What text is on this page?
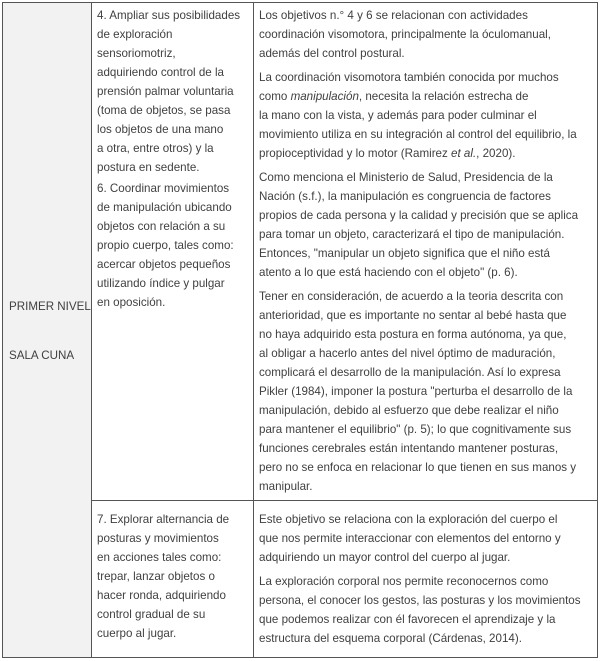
PRIMER NIVEL
SALA CUNA
4. Ampliar sus posibilidades
de exploración
sensoriomotriz,
adquiriendo control de la
prensión palmar voluntaria
(toma de objetos, se pasa
los objetos de una mano
a otra, entre otros) y la
postura en sedente.
6. Coordinar movimientos
de manipulación ubicando
objetos con relación a su
propio cuerpo, tales como:
acercar objetos pequeños
utilizando índice y pulgar
en oposición.
Los objetivos n.° 4 y 6 se relacionan con actividades
coordinación visomotora, principalmente la óculomanual,
además del control postural.
La coordinación visomotora también conocida por muchos
como manipulación, necesita la relación estrecha de
la mano con la vista, y además para poder culminar el
movimiento utiliza en su integración al control del equilibrio, la
propioceptividad y lo motor (Ramirez et al., 2020).
Como menciona el Ministerio de Salud, Presidencia de la
Nación (s.f.), la manipulación es congruencia de factores
propios de cada persona y la calidad y precisión que se aplica
para tomar un objeto, caracterizará el tipo de manipulación.
Entonces, "manipular un objeto significa que el niño está
atento a lo que está haciendo con el objeto" (p. 6).
Tener en consideración, de acuerdo a la teoria descrita con
anterioridad, que es importante no sentar al bebé hasta que
no haya adquirido esta postura en forma autónoma, ya que,
al obligar a hacerlo antes del nivel óptimo de maduración,
complicará el desarrollo de la manipulación. Así lo expresa
Pikler (1984), imponer la postura "perturba el desarrollo de la
manipulación, debido al esfuerzo que debe realizar el niño
para mantener el equilibrio" (p. 5); lo que cognitivamente sus
funciones cerebrales están intentando mantener posturas,
pero no se enfoca en relacionar lo que tienen en sus manos y
manipular.
7. Explorar alternancia de
posturas y movimientos
en acciones tales como:
trepar, lanzar objetos o
hacer ronda, adquiriendo
control gradual de su
cuerpo al jugar.
Este objetivo se relaciona con la exploración del cuerpo el
que nos permite interaccionar con elementos del entorno y
adquiriendo un mayor control del cuerpo al jugar.
La exploración corporal nos permite reconocernos como
persona, el conocer los gestos, las posturas y los movimientos
que podemos realizar con él favorecen el aprendizaje y la
estructura del esquema corporal (Cárdenas, 2014).
